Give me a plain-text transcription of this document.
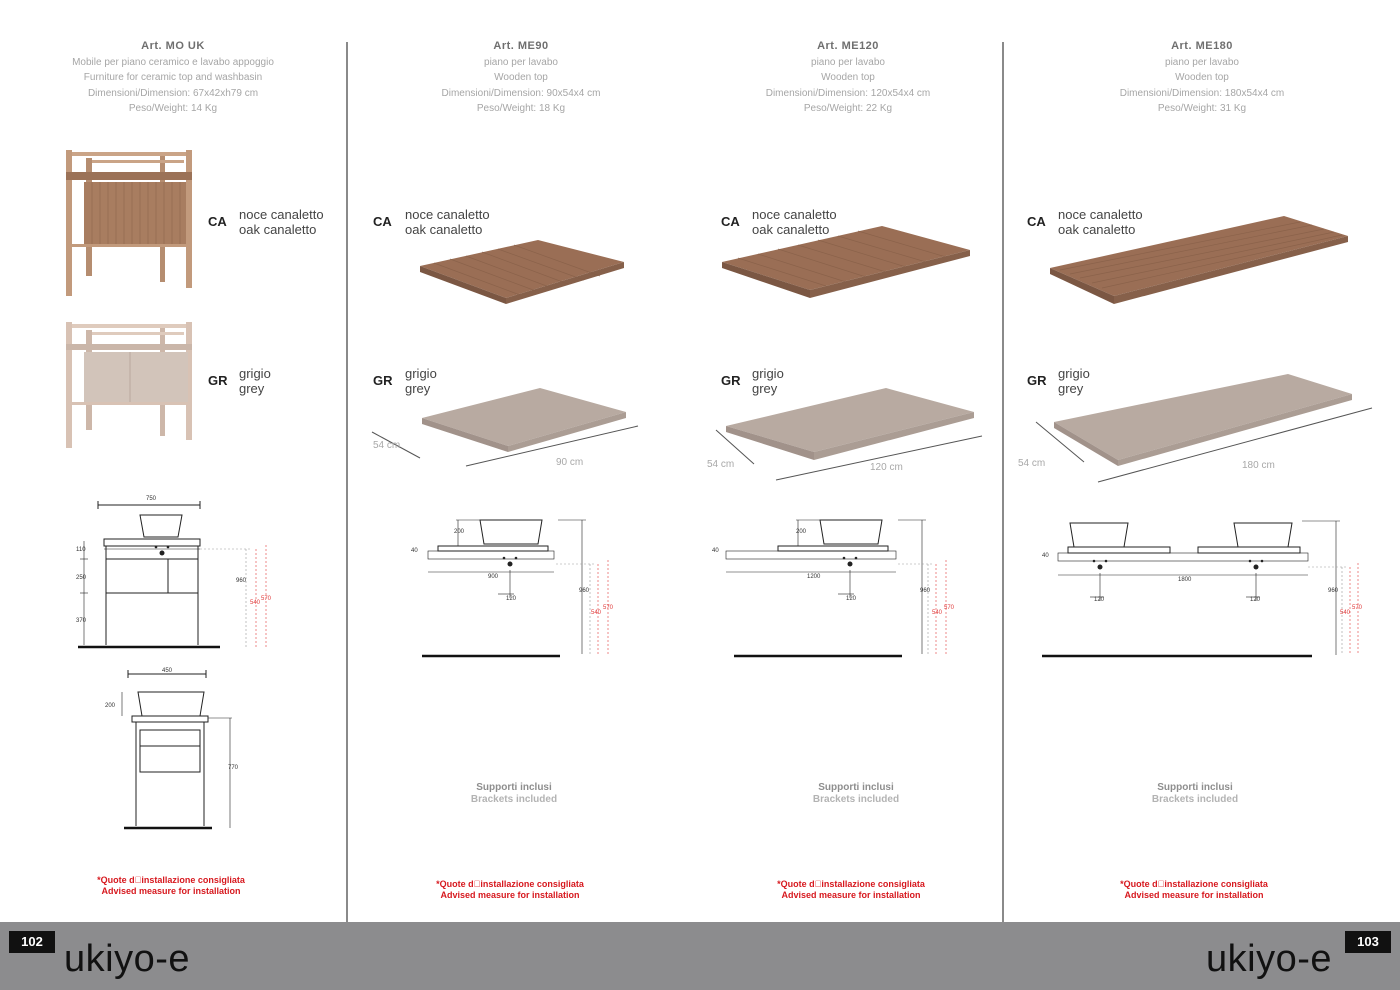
Art. MO UK
Mobile per piano ceramico e lavabo appoggio
Furniture for ceramic top and washbasin
Dimensioni/Dimension: 67x42xh79 cm
Peso/Weight: 14 Kg
CA noce canaletto
oak canaletto
GR grigio
grey
750
110
250
370
960
540
570
450
200
770
*Quote d installazione consigliata
Advised measure for installation
Art. ME90
piano per lavabo
Wooden top
Dimensioni/Dimension: 90x54x4 cm
Peso/Weight: 18 Kg
CA noce canaletto
oak canaletto
GR grigio
grey
54 cm
90 cm
200
40
900
120
960
540
570
Supporti inclusi
Brackets included
*Quote d installazione consigliata
Advised measure for installation
Art. ME120
piano per lavabo
Wooden top
Dimensioni/Dimension: 120x54x4 cm
Peso/Weight: 22 Kg
CA noce canaletto
oak canaletto
GR grigio
grey
54 cm	120 cm
200
40
1200
120
960
540
570
Supporti inclusi
Brackets included
*Quote d installazione consigliata
Advised measure for installation
Art. ME180
piano per lavabo
Wooden top
Dimensioni/Dimension: 180x54x4 cm
Peso/Weight: 31 Kg
CA noce canaletto
oak canaletto
GR grigio
grey
54 cm	180 cm
40
1800
120	120
960
540
570
Supporti inclusi
Brackets included
*Quote d installazione consigliata
Advised measure for installation
102 ukiyo-e	ukiyo-e	103
